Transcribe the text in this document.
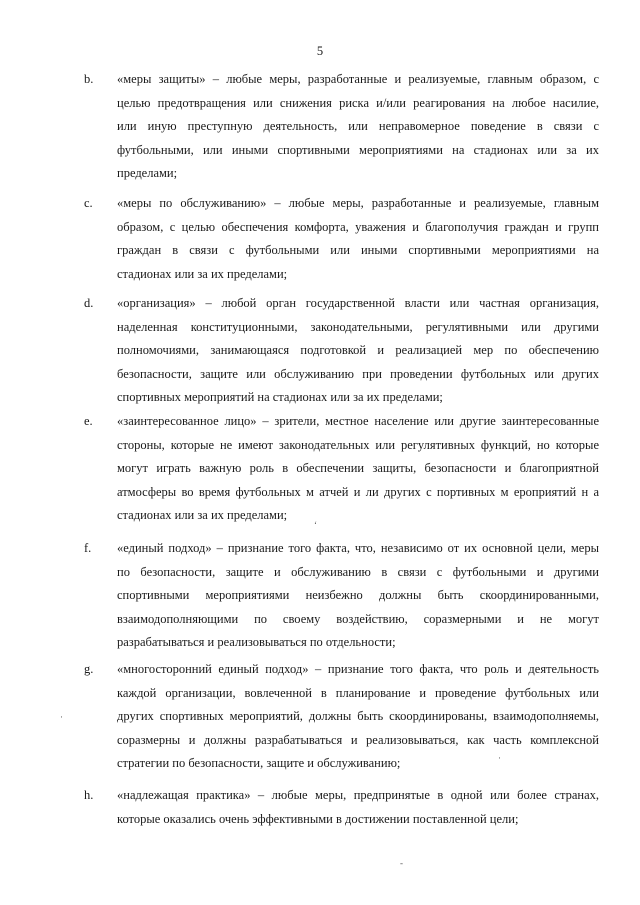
5
b. «меры защиты» – любые меры, разработанные и реализуемые, главным образом, с
целью предотвращения или снижения риска и/или реагирования на любое насилие,
или иную преступную деятельность, или неправомерное поведение в связи с
футбольными, или иными спортивными мероприятиями на стадионах или за их
пределами;
c. «меры по обслуживанию» – любые меры, разработанные и реализуемые, главным
образом, с целью обеспечения комфорта, уважения и благополучия граждан и групп
граждан в связи с футбольными или иными спортивными мероприятиями на
стадионах или за их пределами;
d. «организация» – любой орган государственной власти или частная организация,
наделенная конституционными, законодательными, регулятивными или другими
полномочиями, занимающаяся подготовкой и реализацией мер по обеспечению
безопасности, защите или обслуживанию при проведении футбольных или других
спортивных мероприятий на стадионах или за их пределами;
e. «заинтересованное лицо» – зрители, местное население или другие заинтересованные
стороны, которые не имеют законодательных или регулятивных функций, но которые
могут играть важную роль в обеспечении защиты, безопасности и благоприятной
атмосферы во время футбольных м атчей и ли других с портивных м ероприятий н а
стадионах или за их пределами;
f. «единый подход» – признание того факта, что, независимо от их основной цели, меры
по безопасности, защите и обслуживанию в связи с футбольными и другими
спортивными мероприятиями неизбежно должны быть скоординированными,
взаимодополняющими по своему воздействию, соразмерными и не могут
разрабатываться и реализовываться по отдельности;
g. «многосторонний единый подход» – признание того факта, что роль и деятельность
каждой организации, вовлеченной в планирование и проведение футбольных или
других спортивных мероприятий, должны быть скоординированы, взаимодополняемы,
соразмерны и должны разрабатываться и реализовываться, как часть комплексной
стратегии по безопасности, защите и обслуживанию;
h. «надлежащая практика» – любые меры, предпринятые в одной или более странах,
которые оказались очень эффективными в достижении поставленной цели;
‘
·
·
-
